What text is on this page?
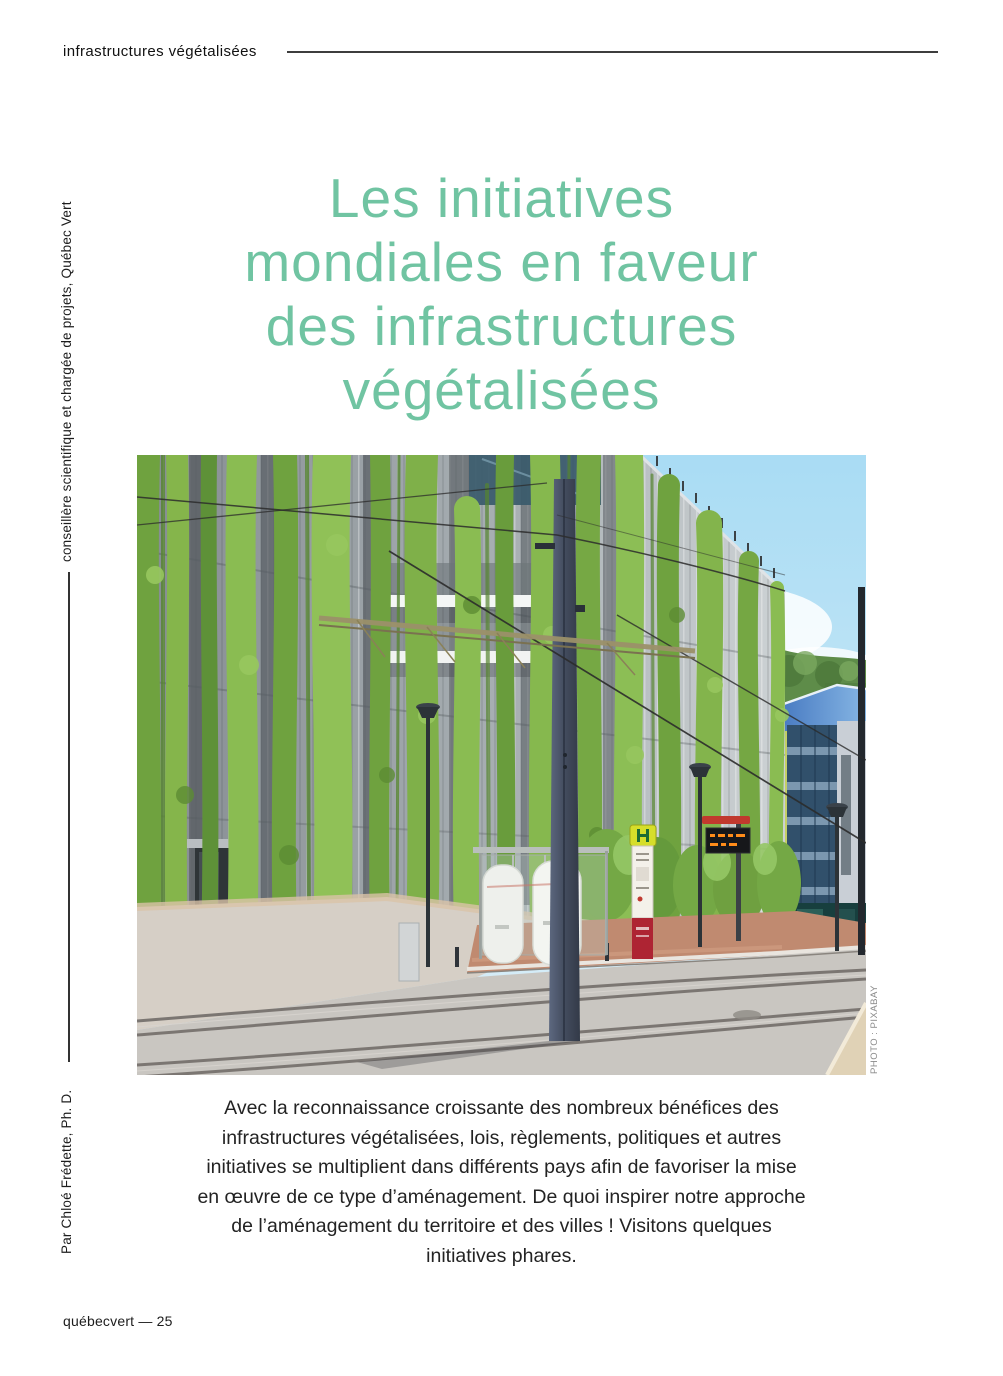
infrastructures végétalisées
Les initiatives
mondiales en faveur
des infrastructures
végétalisées
conseillère scientifique et chargée de projets, Québec Vert
Par Chloé Frédette, Ph. D.
PHOTO : PIXABAY
Avec la reconnaissance croissante des nombreux bénéfices des
infrastructures végétalisées, lois, règlements, politiques et autres
initiatives se multiplient dans différents pays afin de favoriser la mise
en œuvre de ce type d’aménagement. De quoi inspirer notre approche
de l’aménagement du territoire et des villes ! Visitons quelques
initiatives phares.
québecvert — 25
